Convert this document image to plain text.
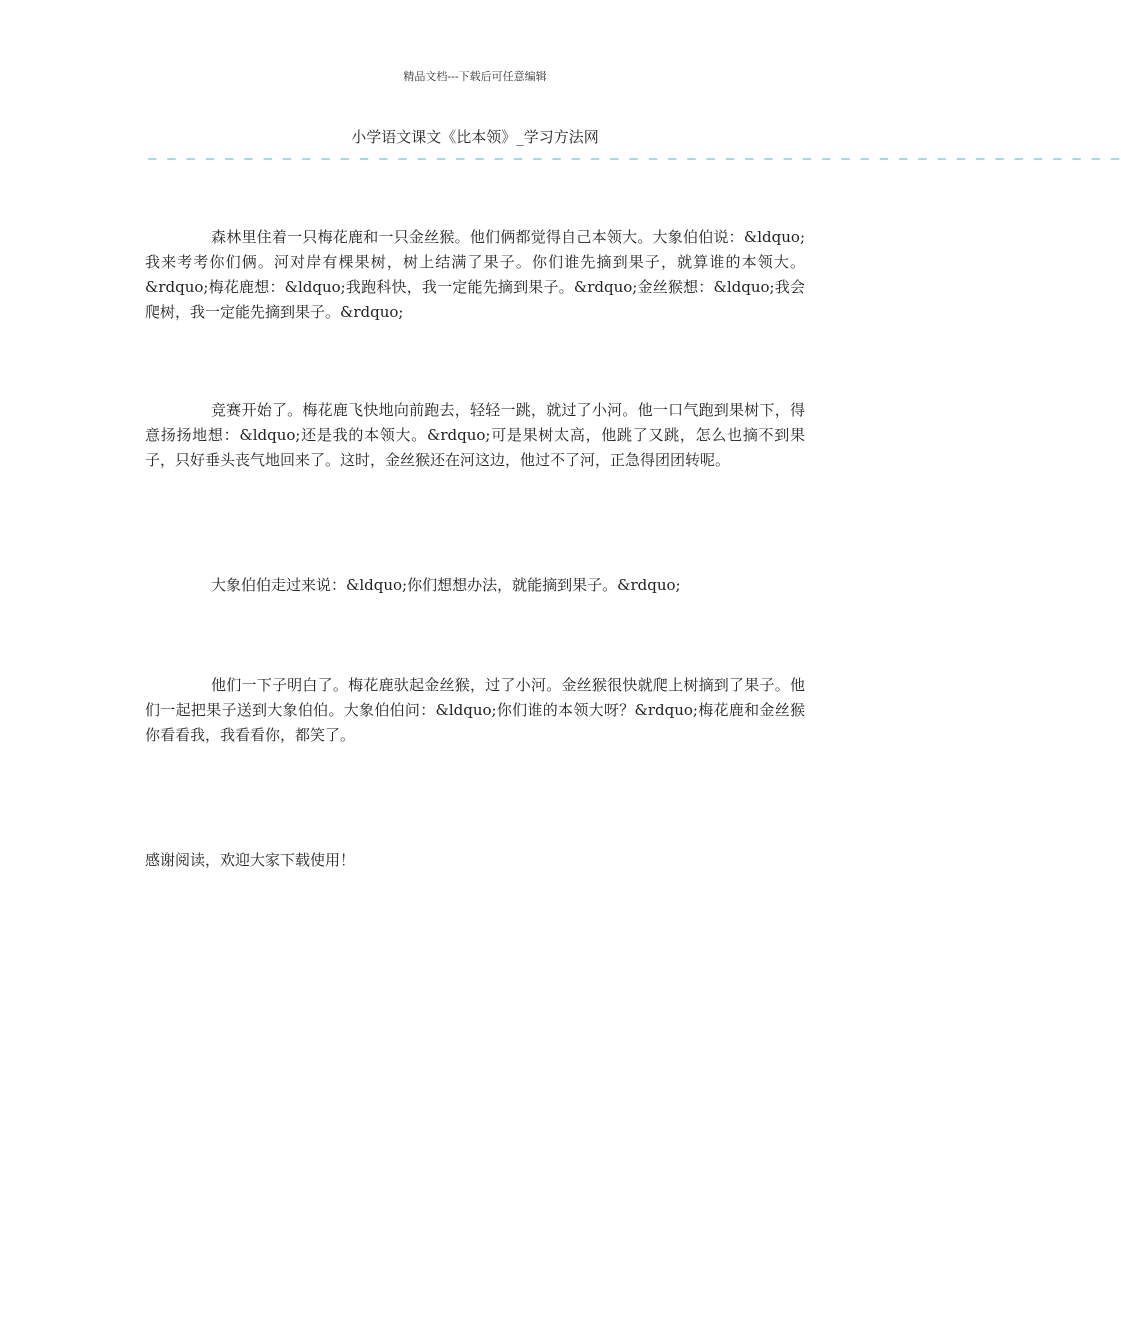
精品文档---下载后可任意编辑
小学语文课文《比本领》_学习方法网
— — — — — — — — — — — — — — — — — — — — — — — — — — — — — — — — — — — — — — — — — — — — — — — — — — —

森林里住着一只梅花鹿和一只金丝猴。他们俩都觉得自己本领大。大象伯伯说：&ldquo;我来考考你们俩。河对岸有棵果树，树上结满了果子。你们谁先摘到果子，就算谁的本领大。&rdquo;梅花鹿想：&ldquo;我跑科快，我一定能先摘到果子。&rdquo;金丝猴想：&ldquo;我会爬树，我一定能先摘到果子。&rdquo;

竞赛开始了。梅花鹿飞快地向前跑去，轻轻一跳，就过了小河。他一口气跑到果树下，得意扬扬地想：&ldquo;还是我的本领大。&rdquo;可是果树太高，他跳了又跳，怎么也摘不到果子，只好垂头丧气地回来了。这时，金丝猴还在河这边，他过不了河，正急得团团转呢。

大象伯伯走过来说：&ldquo;你们想想办法，就能摘到果子。&rdquo;

他们一下子明白了。梅花鹿驮起金丝猴，过了小河。金丝猴很快就爬上树摘到了果子。他们一起把果子送到大象伯伯。大象伯伯问：&ldquo;你们谁的本领大呀？&rdquo;梅花鹿和金丝猴你看看我，我看看你，都笑了。

感谢阅读，欢迎大家下载使用！
